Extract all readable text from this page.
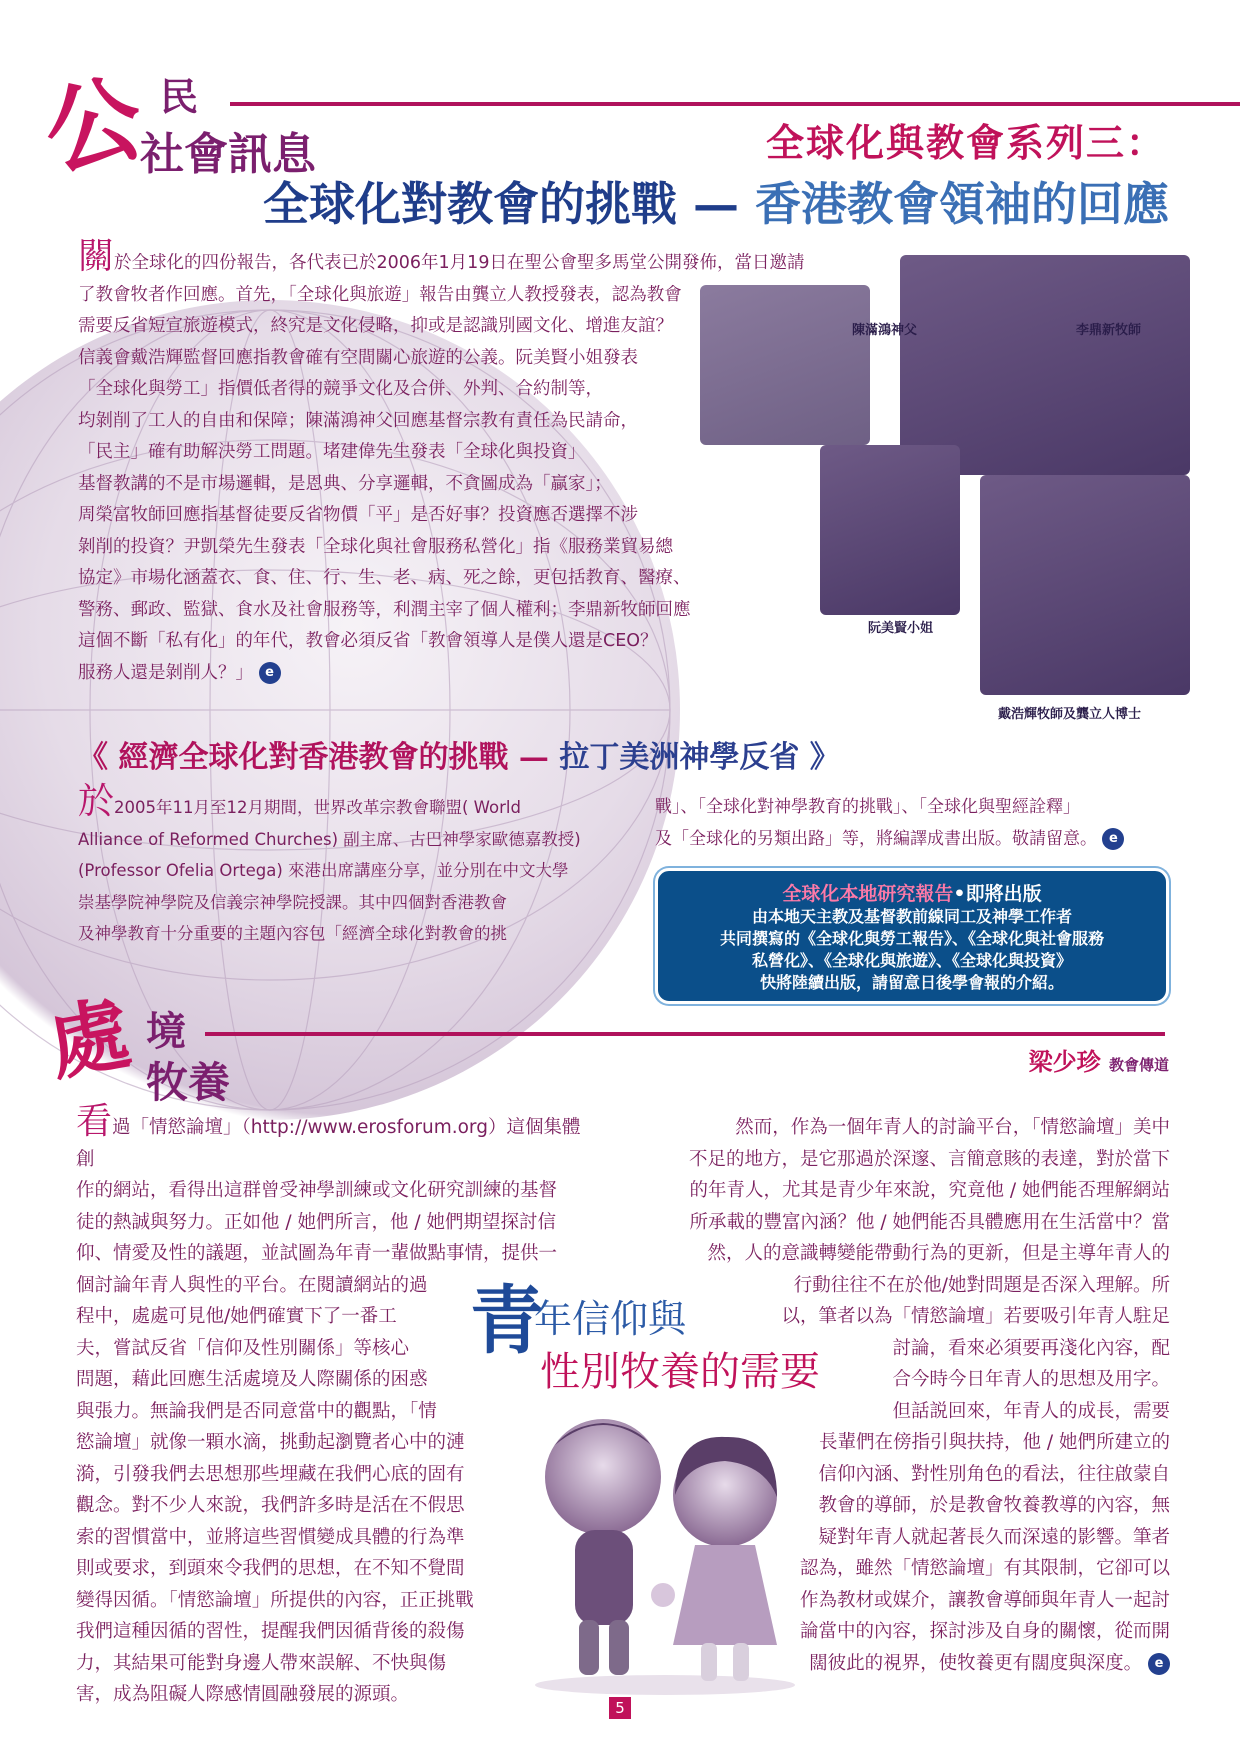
公 民
社會訊息	全球化與教會系列三：
全球化對教會的挑戰 — 香港教會領袖的回應
陳滿鴻神父	李鼎新牧師
阮美賢小姐
戴浩輝牧師及龔立人博士
關於全球化的四份報告，各代表已於2006年1月19日在聖公會聖多馬堂公開發佈，當日邀請
了教會牧者作回應。首先，「全球化與旅遊」報告由龔立人教授發表，認為教會
需要反省短宣旅遊模式，終究是文化侵略，抑或是認識別國文化、增進友誼？
信義會戴浩輝監督回應指教會確有空間關心旅遊的公義。阮美賢小姐發表
「全球化與勞工」指價低者得的競爭文化及合併、外判、合約制等，
均剝削了工人的自由和保障；陳滿鴻神父回應基督宗教有責任為民請命，
「民主」確有助解決勞工問題。堵建偉先生發表「全球化與投資」
基督教講的不是市場邏輯，是恩典、分享邏輯，不貪圖成為「贏家」；
周榮富牧師回應指基督徒要反省物價「平」是否好事？投資應否選擇不涉
剝削的投資？尹凱榮先生發表「全球化與社會服務私營化」指《服務業貿易總
協定》市場化涵蓋衣、食、住、行、生、老、病、死之餘，更包括教育、醫療、
警務、郵政、監獄、食水及社會服務等，利潤主宰了個人權利；李鼎新牧師回應
這個不斷「私有化」的年代，教會必須反省「教會領導人是僕人還是CEO？
服務人還是剝削人？」 e
《 經濟全球化對香港教會的挑戰 — 拉丁美洲神學反省 》
於2005年11月至12月期間，世界改革宗教會聯盟( World
Alliance of Reformed Churches) 副主席、古巴神學家歐德嘉教授)
(Professor Ofelia Ortega) 來港出席講座分享，並分別在中文大學
崇基學院神學院及信義宗神學院授課。其中四個對香港教會
及神學教育十分重要的主題內容包「經濟全球化對教會的挑
戰」、「全球化對神學教育的挑戰」、「全球化與聖經詮釋」
及「全球化的另類出路」等，將編譯成書出版。敬請留意。 e
全球化本地研究報告•即將出版
由本地天主教及基督教前線同工及神學工作者
共同撰寫的《全球化與勞工報告》、《全球化與社會服務
私營化》、《全球化與旅遊》、《全球化與投資》
快將陸續出版，請留意日後學會報的介紹。
處 境
牧養	梁少珍 教會傳道
看過「情慾論壇」（http://www.erosforum.org）這個集體創
作的網站，看得出這群曾受神學訓練或文化研究訓練的基督
徒的熱誠與努力。正如他 / 她們所言，他 / 她們期望探討信
仰、情愛及性的議題，並試圖為年青一輩做點事情，提供一
個討論年青人與性的平台。在閱讀網站的過
程中，處處可見他/她們確實下了一番工
夫，嘗試反省「信仰及性別關係」等核心
問題，藉此回應生活處境及人際關係的困惑
與張力。無論我們是否同意當中的觀點，「情
慾論壇」就像一顆水滴，挑動起瀏覽者心中的漣
漪，引發我們去思想那些埋藏在我們心底的固有
觀念。對不少人來說，我們許多時是活在不假思
索的習慣當中，並將這些習慣變成具體的行為準
則或要求，到頭來令我們的思想，在不知不覺間
變得因循。「情慾論壇」所提供的內容，正正挑戰
我們這種因循的習性，提醒我們因循背後的殺傷
力，其結果可能對身邊人帶來誤解、不快與傷
害，成為阻礙人際感情圓融發展的源頭。
然而，作為一個年青人的討論平台，「情慾論壇」美中
不足的地方，是它那過於深邃、言簡意賅的表達，對於當下
的年青人，尤其是青少年來說，究竟他 / 她們能否理解網站
所承載的豐富內涵？他 / 她們能否具體應用在生活當中？當
然，人的意識轉變能帶動行為的更新，但是主導年青人的
行動往往不在於他/她對問題是否深入理解。所
以，筆者以為「情慾論壇」若要吸引年青人駐足
討論，看來必須要再淺化內容，配
合今時今日年青人的思想及用字。
但話説回來，年青人的成長，需要
長輩們在傍指引與扶持，他 / 她們所建立的
信仰內涵、對性別角色的看法，往往啟蒙自
教會的導師，於是教會牧養教導的內容，無
疑對年青人就起著長久而深遠的影響。筆者
認為，雖然「情慾論壇」有其限制，它卻可以
作為教材或媒介，讓教會導師與年青人一起討
論當中的內容，探討涉及自身的關懷，從而開
闊彼此的視界，使牧養更有闊度與深度。 e
青
年信仰與
性別牧養的需要
5
